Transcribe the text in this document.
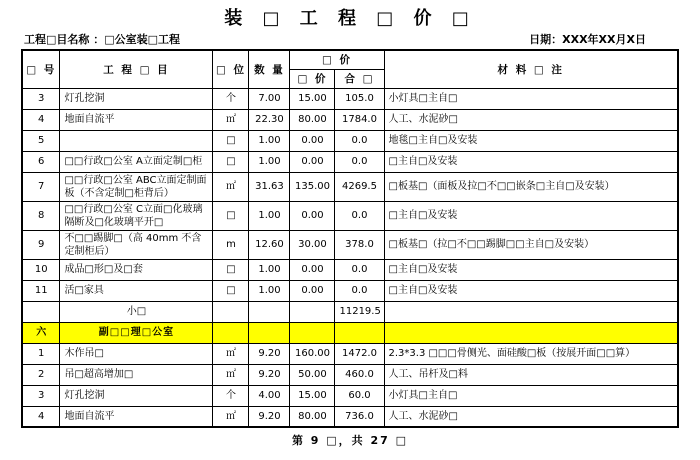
装 □ 工 程 □ 价 □
工程□目名称 ：□公室装□工程	日期：XXX年XX月X日
□ 号	工 程 □ 目	□ 位	数 量	□ 价		材 料 □ 注
				□ 价	合 □	
3	灯孔挖洞	个	7.00	15.00	105.0	小灯具□主自□
4	地面自流平	㎡	22.30	80.00	1784.0	人工、水泥砂□
5		□	1.00	0.00	0.0	地毯□主自□及安装
6	□□行政□公室 A立面定制□柜	□	1.00	0.00	0.0	□主自□及安装
7	□□行政□公室 ABC立面定制面板（不含定制□柜背后）	㎡	31.63	135.00	4269.5	□板基□（面板及拉□不□□嵌条□主自□及安装）
8	□□行政□公室 C立面□化玻璃隔断及□化玻璃平开□	□	1.00	0.00	0.0	□主自□及安装
9	不□□踢脚□（高 40mm 不含定制柜后）	m	12.60	30.00	378.0	□板基□（拉□不□□踢脚□□主自□及安装）
10	成品□形□及□套	□	1.00	0.00	0.0	□主自□及安装
11	活□家具	□	1.00	0.00	0.0	□主自□及安装
	小□				11219.5	
六	副□□理□公室					
1	木作吊□	㎡	9.20	160.00	1472.0	2.3*3.3 □□□骨侧光、面硅酸□板（按展开面□□算）
2	吊□超高增加□	㎡	9.20	50.00	460.0	人工、吊杆及□料
3	灯孔挖洞	个	4.00	15.00	60.0	小灯具□主自□
4	地面自流平	㎡	9.20	80.00	736.0	人工、水泥砂□
第 9 □，共 27 □
